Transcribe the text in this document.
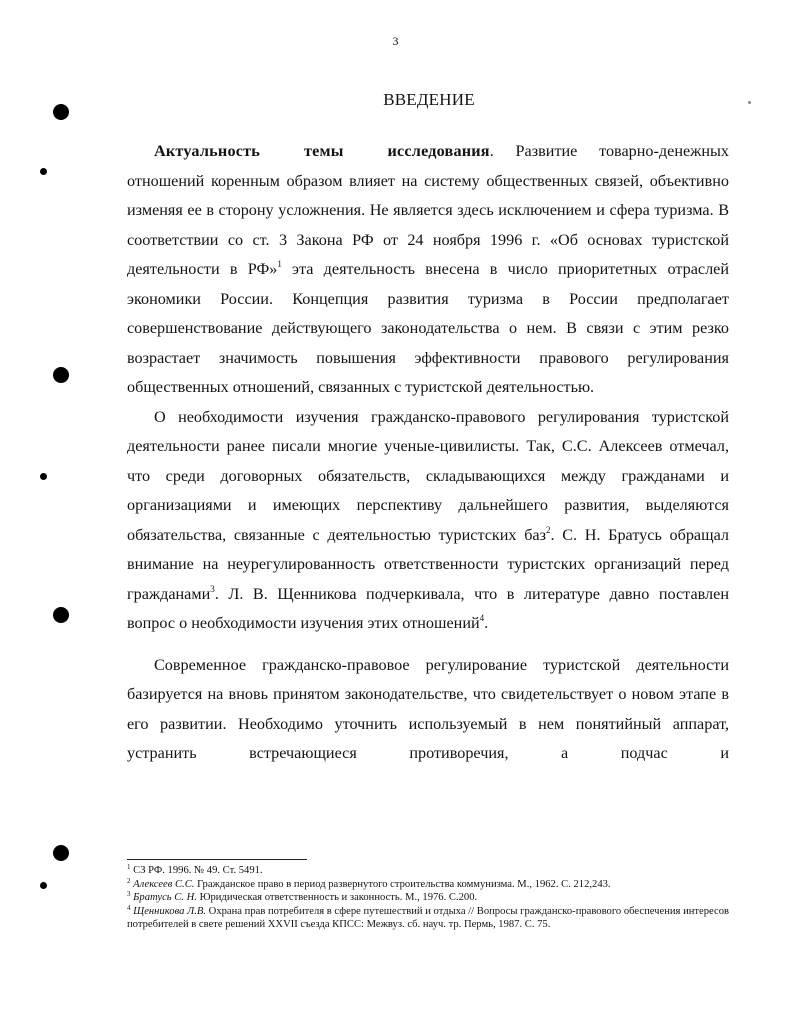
3
ВВЕДЕНИЕ

Актуальность темы исследования. Развитие товарно-денежных отношений коренным образом влияет на систему общественных связей, объективно изменяя ее в сторону усложнения. Не является здесь исключением и сфера туризма. В соответствии со ст. 3 Закона РФ от 24 ноября 1996 г. «Об основах туристской деятельности в РФ»$^1$ эта деятельность внесена в число приоритетных отраслей экономики России. Концепция развития туризма в России предполагает совершенствование действующего законодательства о нем. В связи с этим резко возрастает значимость повышения эффективности правового регулирования общественных отношений, связанных с туристской деятельностью.

О необходимости изучения гражданско-правового регулирования туристской деятельности ранее писали многие ученые-цивилисты. Так, С.С. Алексеев отмечал, что среди договорных обязательств, складывающихся между гражданами и организациями и имеющих перспективу дальнейшего развития, выделяются обязательства, связанные с деятельностью туристских баз$^2$. С. Н. Братусь обращал внимание на неурегулированность ответственности туристских организаций перед гражданами$^3$. Л. В. Щенникова подчеркивала, что в литературе давно поставлен вопрос о необходимости изучения этих отношений$^4$.

Современное гражданско-правовое регулирование туристской деятельности базируется на вновь принятом законодательстве, что свидетельствует о новом этапе в его развитии. Необходимо уточнить используемый в нем понятийный аппарат, устранить встречающиеся противоречия, а подчас и

$^1$ СЗ РФ. 1996. № 49. Ст. 5491.
$^2$ Алексеев С.С. Гражданское право в период развернутого строительства коммунизма. М., 1962. С. 212,243.
$^3$ Братусь С. Н. Юридическая ответственность и законность. М., 1976. С.200.
$^4$ Щенникова Л.В. Охрана прав потребителя в сфере путешествий и отдыха // Вопросы гражданско-правового обеспечения интересов потребителей в свете решений XXVII съезда КПСС: Межвуз. сб. науч. тр. Пермь, 1987. С. 75.
